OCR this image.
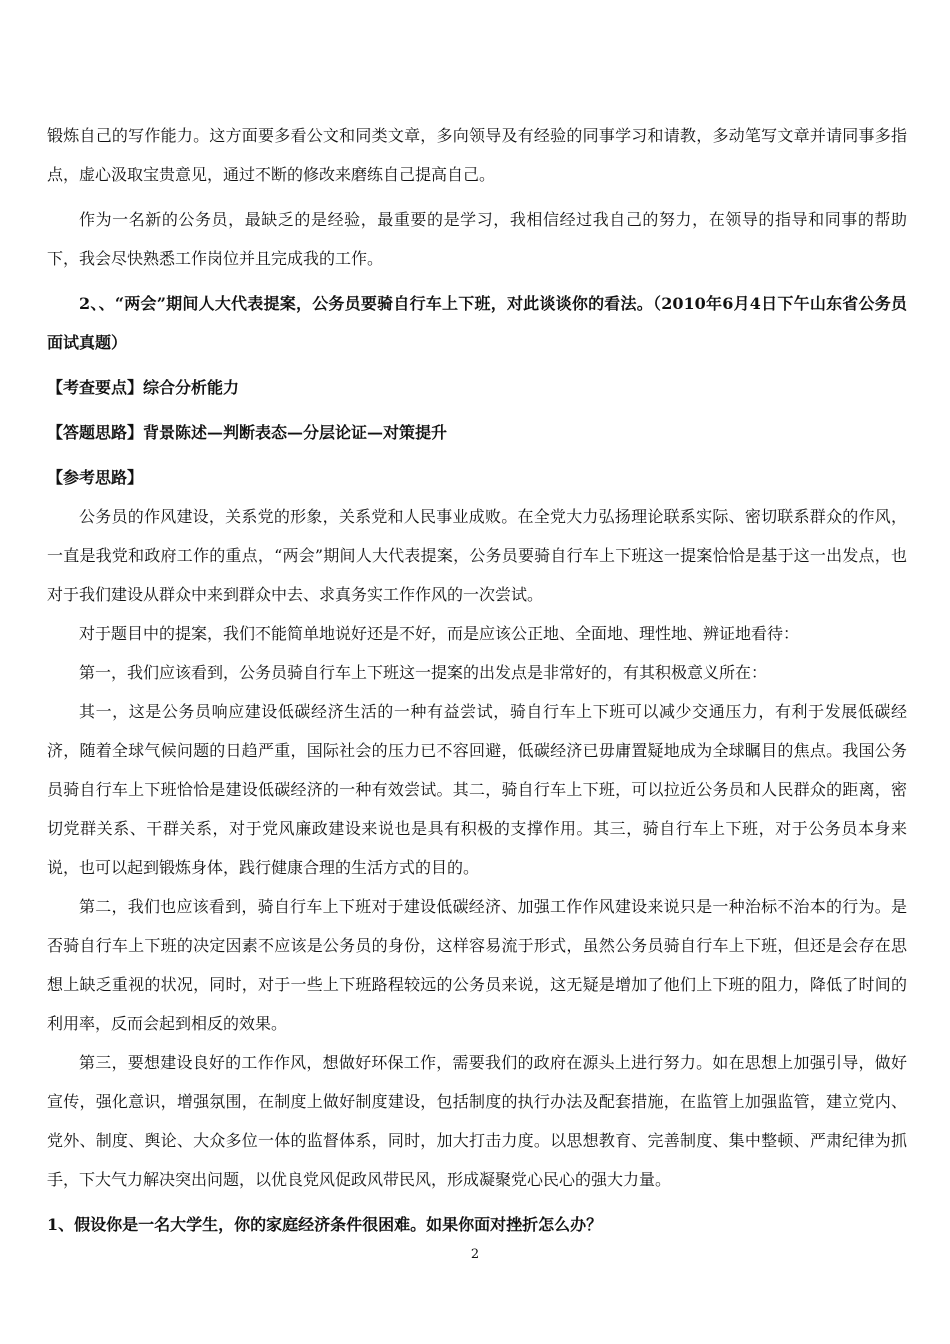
锻炼自己的写作能力。这方面要多看公文和同类文章，多向领导及有经验的同事学习和请教，多动笔写文章并请同事多指点，虚心汲取宝贵意见，通过不断的修改来磨练自己提高自己。

作为一名新的公务员，最缺乏的是经验，最重要的是学习，我相信经过我自己的努力，在领导的指导和同事的帮助下，我会尽快熟悉工作岗位并且完成我的工作。

2、、“两会”期间人大代表提案，公务员要骑自行车上下班，对此谈谈你的看法。（2010年6月4日下午山东省公务员面试真题）

【考查要点】综合分析能力

【答题思路】背景陈述—判断表态—分层论证—对策提升

【参考思路】

公务员的作风建设，关系党的形象，关系党和人民事业成败。在全党大力弘扬理论联系实际、密切联系群众的作风，一直是我党和政府工作的重点，“两会”期间人大代表提案，公务员要骑自行车上下班这一提案恰恰是基于这一出发点，也对于我们建设从群众中来到群众中去、求真务实工作作风的一次尝试。

对于题目中的提案，我们不能简单地说好还是不好，而是应该公正地、全面地、理性地、辨证地看待：

第一，我们应该看到，公务员骑自行车上下班这一提案的出发点是非常好的，有其积极意义所在：

其一，这是公务员响应建设低碳经济生活的一种有益尝试，骑自行车上下班可以减少交通压力，有利于发展低碳经济，随着全球气候问题的日趋严重，国际社会的压力已不容回避，低碳经济已毋庸置疑地成为全球瞩目的焦点。我国公务员骑自行车上下班恰恰是建设低碳经济的一种有效尝试。其二，骑自行车上下班，可以拉近公务员和人民群众的距离，密切党群关系、干群关系，对于党风廉政建设来说也是具有积极的支撑作用。其三，骑自行车上下班，对于公务员本身来说，也可以起到锻炼身体，践行健康合理的生活方式的目的。

第二，我们也应该看到，骑自行车上下班对于建设低碳经济、加强工作作风建设来说只是一种治标不治本的行为。是否骑自行车上下班的决定因素不应该是公务员的身份，这样容易流于形式，虽然公务员骑自行车上下班，但还是会存在思想上缺乏重视的状况，同时，对于一些上下班路程较远的公务员来说，这无疑是增加了他们上下班的阻力，降低了时间的利用率，反而会起到相反的效果。

第三，要想建设良好的工作作风，想做好环保工作，需要我们的政府在源头上进行努力。如在思想上加强引导，做好宣传，强化意识，增强氛围，在制度上做好制度建设，包括制度的执行办法及配套措施，在监管上加强监管，建立党内、党外、制度、舆论、大众多位一体的监督体系，同时，加大打击力度。以思想教育、完善制度、集中整顿、严肃纪律为抓手，下大气力解决突出问题，以优良党风促政风带民风，形成凝聚党心民心的强大力量。

1、假设你是一名大学生，你的家庭经济条件很困难。如果你面对挫折怎么办？

2
